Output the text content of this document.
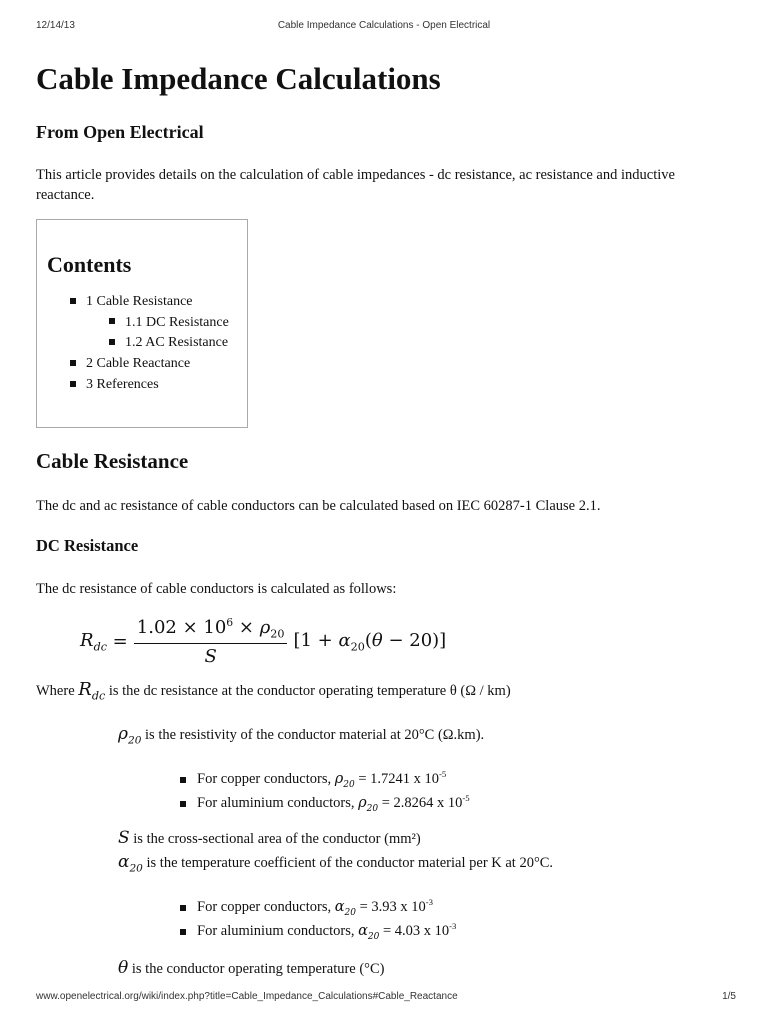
12/14/13	Cable Impedance Calculations - Open Electrical
Cable Impedance Calculations
From Open Electrical
This article provides details on the calculation of cable impedances - dc resistance, ac resistance and inductive reactance.
Contents
1 Cable Resistance
1.1 DC Resistance
1.2 AC Resistance
2 Cable Reactance
3 References
Cable Resistance
The dc and ac resistance of cable conductors can be calculated based on IEC 60287-1 Clause 2.1.
DC Resistance
The dc resistance of cable conductors is calculated as follows:
$R_{dc} = \frac{1.02 \times 10^6 \times \rho_{20}}{S} [1 + \alpha_{20}(\theta - 20)]$
Where $R_{dc}$ is the dc resistance at the conductor operating temperature θ (Ω / km)
$\rho_{20}$ is the resistivity of the conductor material at 20°C (Ω.km).
For copper conductors, $\rho_{20} = 1.7241$ x $10^{-5}$
For aluminium conductors, $\rho_{20} = 2.8264$ x $10^{-5}$
S is the cross-sectional area of the conductor (mm²)
$\alpha_{20}$ is the temperature coefficient of the conductor material per K at 20°C.
For copper conductors, $\alpha_{20} = 3.93$ x $10^{-3}$
For aluminium conductors, $\alpha_{20} = 4.03$ x $10^{-3}$
θ is the conductor operating temperature (°C)
www.openelectrical.org/wiki/index.php?title=Cable_Impedance_Calculations#Cable_Reactance	1/5
